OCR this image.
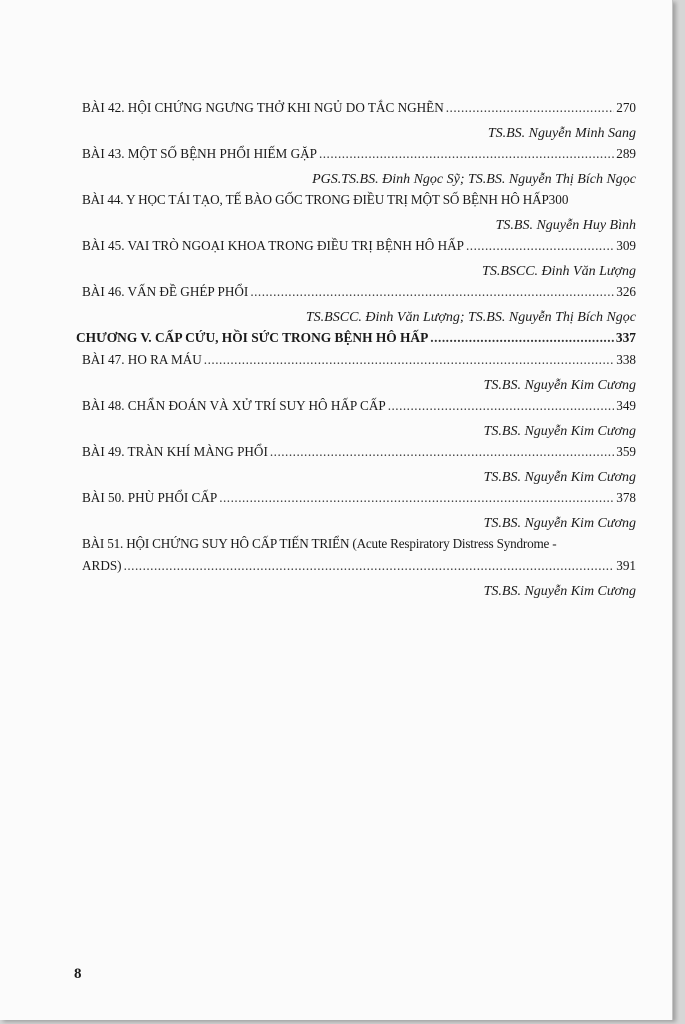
BÀI 42. HỘI CHỨNG NGƯNG THỞ KHI NGỦ DO TẮC NGHẼN .....	270
TS.BS. Nguyễn Minh Sang
BÀI 43. MỘT SỐ BỆNH PHỔI HIẾM GẶP .....	289
PGS.TS.BS. Đinh Ngọc Sỹ; TS.BS. Nguyễn Thị Bích Ngọc
BÀI 44. Y HỌC TÁI TẠO, TẾ BÀO GỐC TRONG ĐIỀU TRỊ MỘT SỐ BỆNH HÔ HẤP 300
TS.BS. Nguyễn Huy Bình
BÀI 45. VAI TRÒ NGOẠI KHOA TRONG ĐIỀU TRỊ BỆNH HÔ HẤP .....	309
TS.BSCC. Đinh Văn Lượng
BÀI 46. VẤN ĐỀ GHÉP PHỔI .....	326
TS.BSCC. Đinh Văn Lượng; TS.BS. Nguyễn Thị Bích Ngọc
CHƯƠNG V. CẤP CỨU, HỒI SỨC TRONG BỆNH HÔ HẤP .....	337
BÀI 47. HO RA MÁU .....	338
TS.BS. Nguyễn Kim Cương
BÀI 48. CHẨN ĐOÁN VÀ XỬ TRÍ SUY HÔ HẤP CẤP .....	349
TS.BS. Nguyễn Kim Cương
BÀI 49. TRÀN KHÍ MÀNG PHỔI .....	359
TS.BS. Nguyễn Kim Cương
BÀI 50. PHÙ PHỔI CẤP .....	378
TS.BS. Nguyễn Kim Cương
BÀI 51. HỘI CHỨNG SUY HÔ CẤP TIẾN TRIỂN (Acute Respiratory Distress Syndrome -
ARDS) .....	391
TS.BS. Nguyễn Kim Cương
8
